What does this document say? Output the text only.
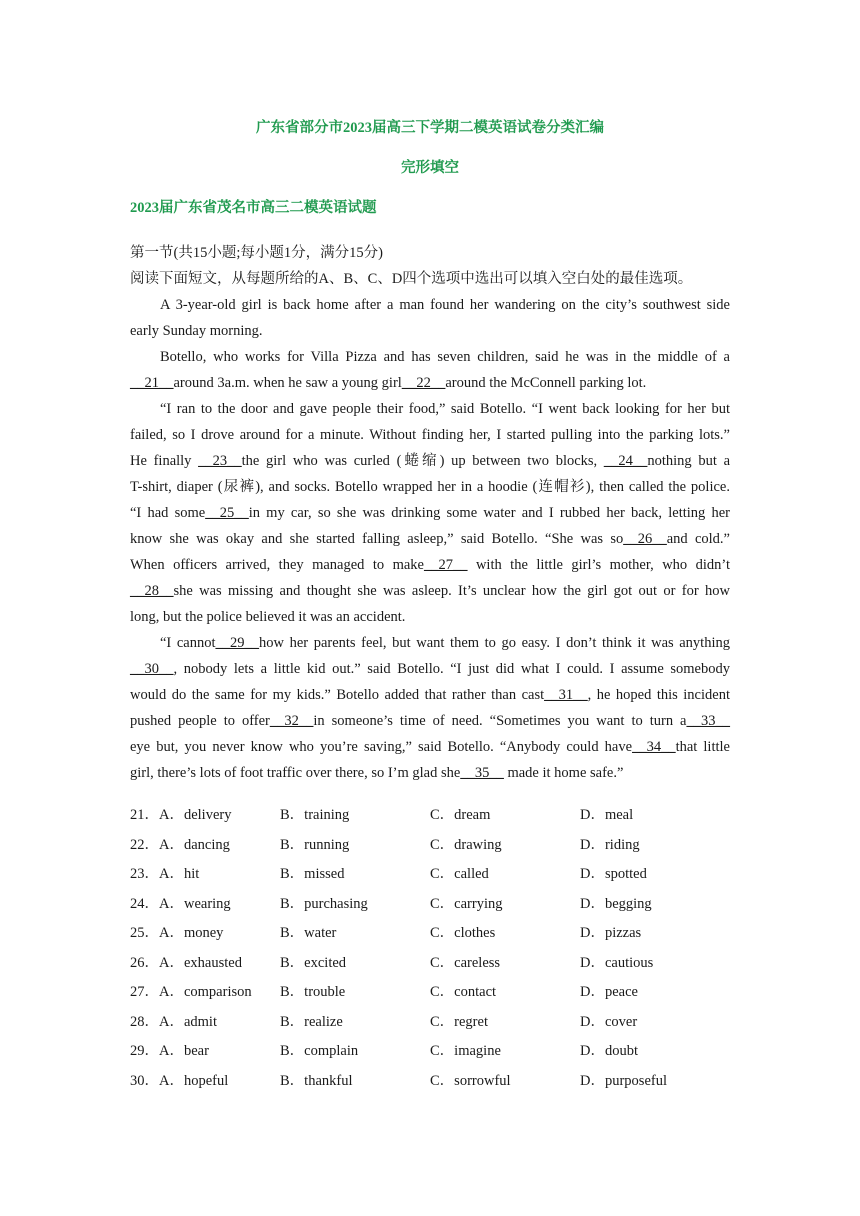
广东省部分市2023届高三下学期二模英语试卷分类汇编
完形填空
2023届广东省茂名市高三二模英语试题

第一节(共15小题;每小题1分，满分15分)

阅读下面短文，从每题所给的A、B、C、D四个选项中选出可以填入空白处的最佳选项。

A 3-year-old girl is back home after a man found her wandering on the city’s southwest side

early Sunday morning.

Botello, who works for Villa Pizza and has seven children, said he was in the middle of a

__21__around 3a.m. when he saw a young girl__22__around the McConnell parking lot.

“I ran to the door and gave people their food,” said Botello. “I went back looking for her but

failed, so I drove around for a minute. Without finding her, I started pulling into the parking lots.”

He finally __23__the girl who was curled (蜷缩) up between two blocks, __24__nothing but a

T-shirt, diaper (尿裤), and socks. Botello wrapped her in a hoodie (连帽衫), then called the police.

“I had some__25__in my car, so she was drinking some water and I rubbed her back, letting her

know she was okay and she started falling asleep,” said Botello. “She was so__26__and cold.”

When officers arrived, they managed to make__27__ with the little girl’s mother, who didn’t

__28__she was missing and thought she was asleep. It’s unclear how the girl got out or for how

long, but the police believed it was an accident.

“I cannot__29__how her parents feel, but want them to go easy. I don’t think it was anything

__30__, nobody lets a little kid out.” said Botello. “I just did what I could. I assume somebody

would do the same for my kids.” Botello added that rather than cast__31__, he hoped this incident

pushed people to offer__32__in someone’s time of need. “Sometimes you want to turn a__33__

eye but, you never know who you’re saving,” said Botello. “Anybody could have__34__that little

girl, there’s lots of foot traffic over there, so I’m glad she__35__ made it home safe.”

21．A．delivery	B．training	C．dream	D．meal
22．A．dancing	B．running	C．drawing	D．riding
23．A．hit	B．missed	C．called	D．spotted
24．A．wearing	B．purchasing	C．carrying	D．begging
25．A．money	B．water	C．clothes	D．pizzas
26．A．exhausted	B．excited	C．careless	D．cautious
27．A．comparison	B．trouble	C．contact	D．peace
28．A．admit	B．realize	C．regret	D．cover
29．A．bear	B．complain	C．imagine	D．doubt
30．A．hopeful	B．thankful	C．sorrowful	D．purposeful
